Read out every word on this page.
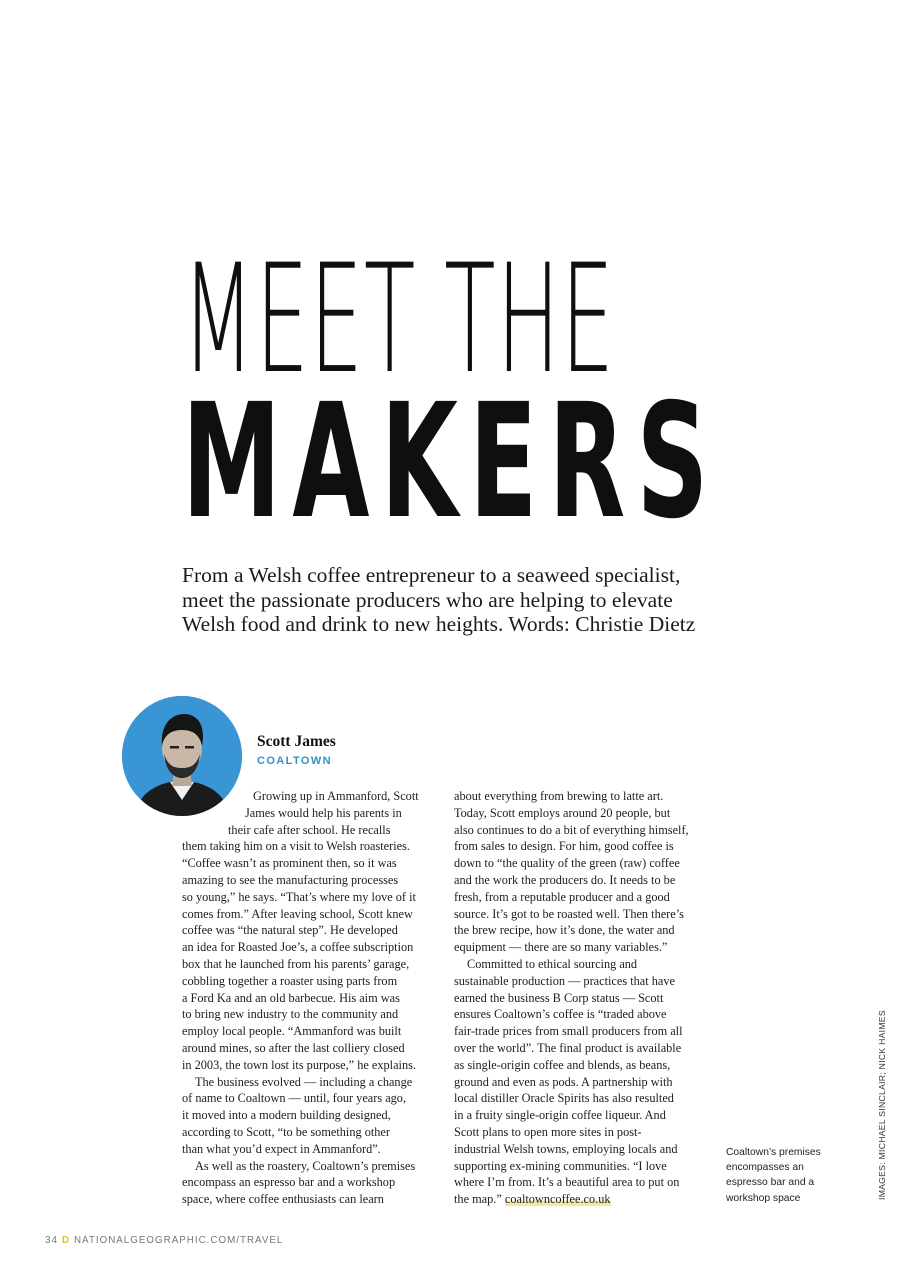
MEET THE
MAKERS

From a Welsh coffee entrepreneur to a seaweed specialist, meet the passionate producers who are helping to elevate Welsh food and drink to new heights. Words: Christie Dietz

Scott James

COALTOWN

Growing up in Ammanford, Scott
James would help his parents in
their cafe after school. He recalls
them taking him on a visit to Welsh roasteries.
“Coffee wasn’t as prominent then, so it was
amazing to see the manufacturing processes
so young,” he says. “That’s where my love of it
comes from.” After leaving school, Scott knew
coffee was “the natural step”. He developed
an idea for Roasted Joe’s, a coffee subscription
box that he launched from his parents’ garage,
cobbling together a roaster using parts from
a Ford Ka and an old barbecue. His aim was
to bring new industry to the community and
employ local people. “Ammanford was built
around mines, so after the last colliery closed
in 2003, the town lost its purpose,” he explains.
The business evolved — including a change
of name to Coaltown — until, four years ago,
it moved into a modern building designed,
according to Scott, “to be something other
than what you’d expect in Ammanford”.
As well as the roastery, Coaltown’s premises
encompass an espresso bar and a workshop
space, where coffee enthusiasts can learn
about everything from brewing to latte art.
Today, Scott employs around 20 people, but
also continues to do a bit of everything himself,
from sales to design. For him, good coffee is
down to “the quality of the green (raw) coffee
and the work the producers do. It needs to be
fresh, from a reputable producer and a good
source. It’s got to be roasted well. Then there’s
the brew recipe, how it’s done, the water and
equipment — there are so many variables.”
Committed to ethical sourcing and
sustainable production — practices that have
earned the business B Corp status — Scott
ensures Coaltown’s coffee is “traded above
fair-trade prices from small producers from all
over the world”. The final product is available
as single-origin coffee and blends, as beans,
ground and even as pods. A partnership with
local distiller Oracle Spirits has also resulted
in a fruity single-origin coffee liqueur. And
Scott plans to open more sites in post-
industrial Welsh towns, employing locals and
supporting ex-mining communities. “I love
where I’m from. It’s a beautiful area to put on
the map.” coaltowncoffee.co.uk

Coaltown’s premises encompasses an espresso bar and a workshop space	IMAGES: MICHAEL SINCLAIR; NICK HAIMES

34 D NATIONALGEOGRAPHIC.COM/TRAVEL
